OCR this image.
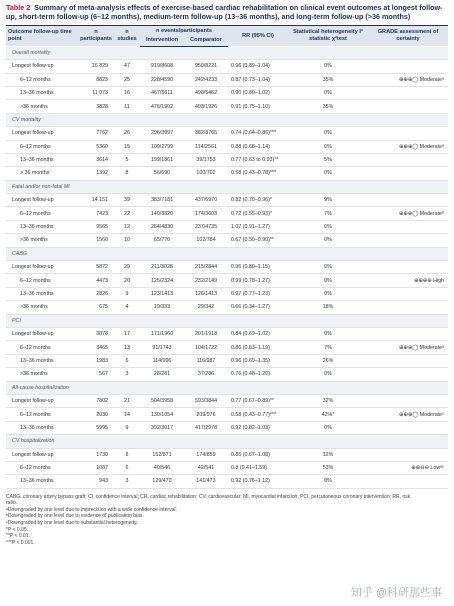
Table 2 Summary of meta-analysis effects of exercise-based cardiac rehabilitation on clinical event outcomes at longest follow-up, short-term follow-up (6–12 months), medium-term follow-up (13–36 months), and long-term follow-up (>36 months)
Outcome follow-up time point	n participants	n studies	n events/participants		RR (95% CI)	Statistical heterogeneity I² statistic χ²test	GRADE assessment of certainty
			Intervention	Comparator			
Overall mortality							
Longest follow-up	16 829	47	919/8608	950/8221	0.96 (0.89–1.04)	0%	
6–12 months	8823	25	228/4590	242/4233	0.87 (0.73–1.04)	35%	⊕⊕⊕◯ Moderateᵃ
13–36 months	11 073	16	467/5611	498/5462	0.90 (0.80–1.02)	0%	
>36 months	3828	11	476/1902	493/1926	0.91 (0.75–1.10)	35%	
CV mortality							
Longest follow-up	7762	26	296/3997	382/3765	0.74 (0.64–0.86)***	0%	
6–12 months	5360	15	109/2799	114/2561	0.88 (0.68–1.14)	0%	⊕⊕⊕◯ Moderateᵃ
13–36 months	3614	5	199/1861	39/1753	0.77 (0.63 to 0.93)**	5%	
> 36 months	1392	8	56/690	100/702	0.58 (0.43–0.78)***	0%	
Fatal and/or non-fatal MI							
Longest follow-up	14 151	39	383/7181	437/6970	0.82 (0.70–0.96)*	9%	
6–12 months	7423	22	140/3820	174/3603	0.72 (0.55–0.93)*	7%	⊕⊕⊕◯ Moderateᵇ
13–36 months	9565	12	264/4830	237/4735	1.07 (0.91–1.27)	0%	
>36 months	1560	10	65/776	102/784	0.67 (0.50–0.90)**	0%	
CABG							
Longest follow-up	5872	29	211/3028	215/2844	0.96 (0.80–1.15)	0%	
6–12 months	4473	20	125/2324	232/2149	0.99 (0.78–1.27)	0%	⊕⊕⊕⊕ High
13–36 months	2826	9	123/1413	126/1413	0.97 (0.77–1.23)	0%	
>36 months	675	4	19/333	29/342	0.66 (0.34–1.27)	18%	
PCI							
Longest follow-up	3878	17	171/1960	201/1918	0.84 (0.69–1.02)	0%	
6–12 months	3465	13	91/1743	104/1722	0.86 (0.63–1.19)	7%	⊕⊕⊕◯ Moderateᵃ
13–36 months	1983	6	114/996	116/987	0.96 (0.69–1.35)	26%	
>36 months	567	3	28/281	37/286	0.76 (0.48–1.20)	0%	
All-cause hospitalization							
Longest follow-up	7802	21	504/3958	593/3844	0.77 (0.67–0.89)**	32%	
6–12 months	2030	14	130/1054	209/976	0.58 (0.43–0.77)***	42%*	⊕⊕⊕◯ Moderateᶜ
13–36 months	5995	9	392/3017	417/2978	0.92 (0.82–1.03)	0%	
CV hospitalization							
Longest follow-up	1730	8	152/871	174/859	0.85 (0.67–1.08)	12%	
6–12 months	1087	6	40/546	42/541	0.8 (0.41–1.59)	53%	⊕⊕⊖⊖ Lowᵃᶜ
13–36 months	943	3	129/470	141/473	0.92 (0.76–1.12)	0%	
CABG, coronary artery bypass graft; CI, confidence interval; CR, cardiac rehabilitation; CV, cardiovascular; MI, myocardial infarction; PCI, percutaneous coronary intervention; RR, risk
ratio.
ᵃDowngraded by one level due to imprecision with a wide confidence interval.
ᵇDowngraded by one level due to evidence of publication bias.
ᶜDowngraded by one level due to substantial heterogeneity.
*P < 0.05.
**P < 0.01.
***P < 0.001.
知乎 @科研那些事
